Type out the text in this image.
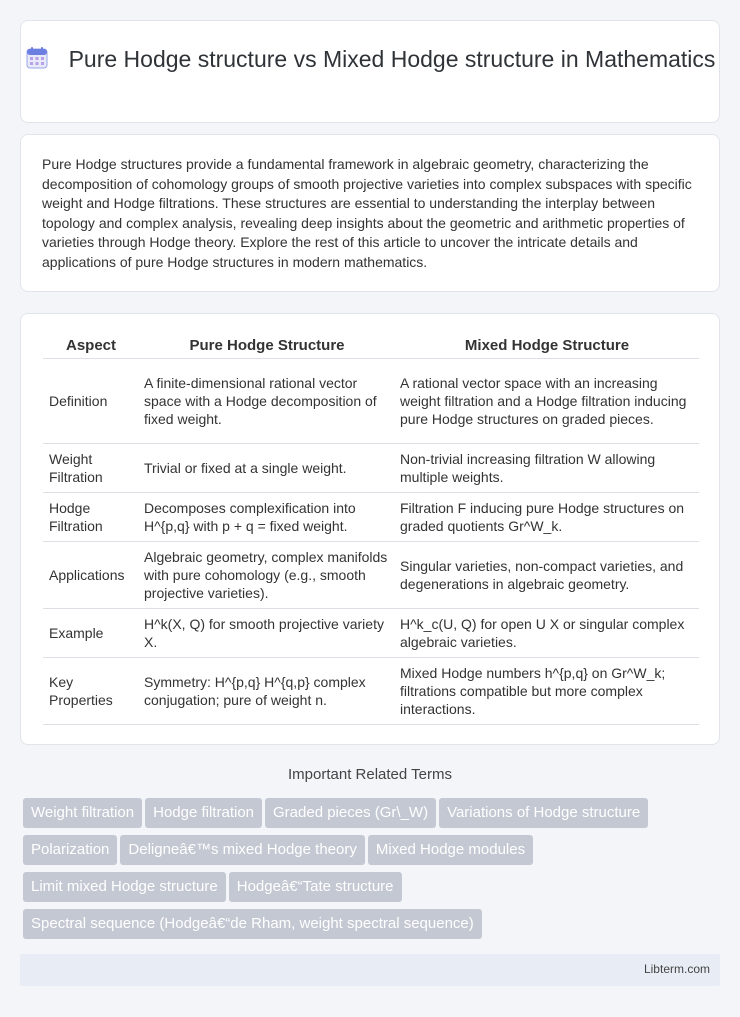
Pure Hodge structure vs Mixed Hodge structure in Mathematics

Pure Hodge structures provide a fundamental framework in algebraic geometry, characterizing the decomposition of cohomology groups of smooth projective varieties into complex subspaces with specific weight and Hodge filtrations. These structures are essential to understanding the interplay between topology and complex analysis, revealing deep insights about the geometric and arithmetic properties of varieties through Hodge theory. Explore the rest of this article to uncover the intricate details and applications of pure Hodge structures in modern mathematics.

Aspect	Pure Hodge Structure	Mixed Hodge Structure
Definition	A finite-dimensional rational vector space with a Hodge decomposition of fixed weight.	A rational vector space with an increasing weight filtration and a Hodge filtration inducing pure Hodge structures on graded pieces.
Weight Filtration	Trivial or fixed at a single weight.	Non-trivial increasing filtration W allowing multiple weights.
Hodge Filtration	Decomposes complexification into H^{p,q} with p + q = fixed weight.	Filtration F inducing pure Hodge structures on graded quotients Gr^W_k.
Applications	Algebraic geometry, complex manifolds with pure cohomology (e.g., smooth projective varieties).	Singular varieties, non-compact varieties, and degenerations in algebraic geometry.
Example	H^k(X, Q) for smooth projective variety X.	H^k_c(U, Q) for open U X or singular complex algebraic varieties.
Key Properties	Symmetry: H^{p,q} H^{q,p} complex conjugation; pure of weight n.	Mixed Hodge numbers h^{p,q} on Gr^W_k; filtrations compatible but more complex interactions.
Important Related Terms
Weight filtration Hodge filtration Graded pieces (Gr\_W) Variations of Hodge structurePolarization Deligneâ€™s mixed Hodge theory Mixed Hodge modulesLimit mixed Hodge structure Hodgeâ€“Tate structureSpectral sequence (Hodgeâ€“de Rham, weight spectral sequence)
Libterm.com
